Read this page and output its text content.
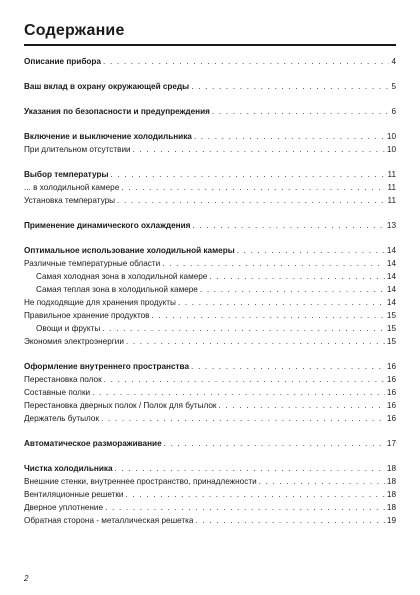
Содержание
Описание прибора . . .	4
Ваш вклад в охрану окружающей среды . . .	5
Указания по безопасности и предупреждения . . .	6
Включение и выключение холодильника . . .	10
При длительном отсутствии . . .	10
Выбор температуры . . .	11
... в холодильной камере . . .	11
Установка температуры . . .	11
Применение динамического охлаждения . . .	13
Оптимальное использование холодильной камеры . . .	14
Различные температурные области . . .	14
Самая холодная зона в холодильной камере . . .	14
Самая теплая зона в холодильной камере . . .	14
Не подходящие для хранения продукты . . .	14
Правильное хранение продуктов . . .	15
Овощи и фрукты . . .	15
Экономия электроэнергии . . .	15
Оформление внутреннего пространства . . .	16
Перестановка полок . . .	16
Составные полки . . .	16
Перестановка дверных полок / Полок для бутылок . . .	16
Держатель бутылок . . .	16
Автоматическое размораживание . . .	17
Чистка холодильника . . .	18
Внешние стенки, внутреннее пространство, принадлежности . . .	18
Вентиляционные решетки . . .	18
Дверное уплотнение . . .	18
Обратная сторона - металлическая решетка . . .	19
2
